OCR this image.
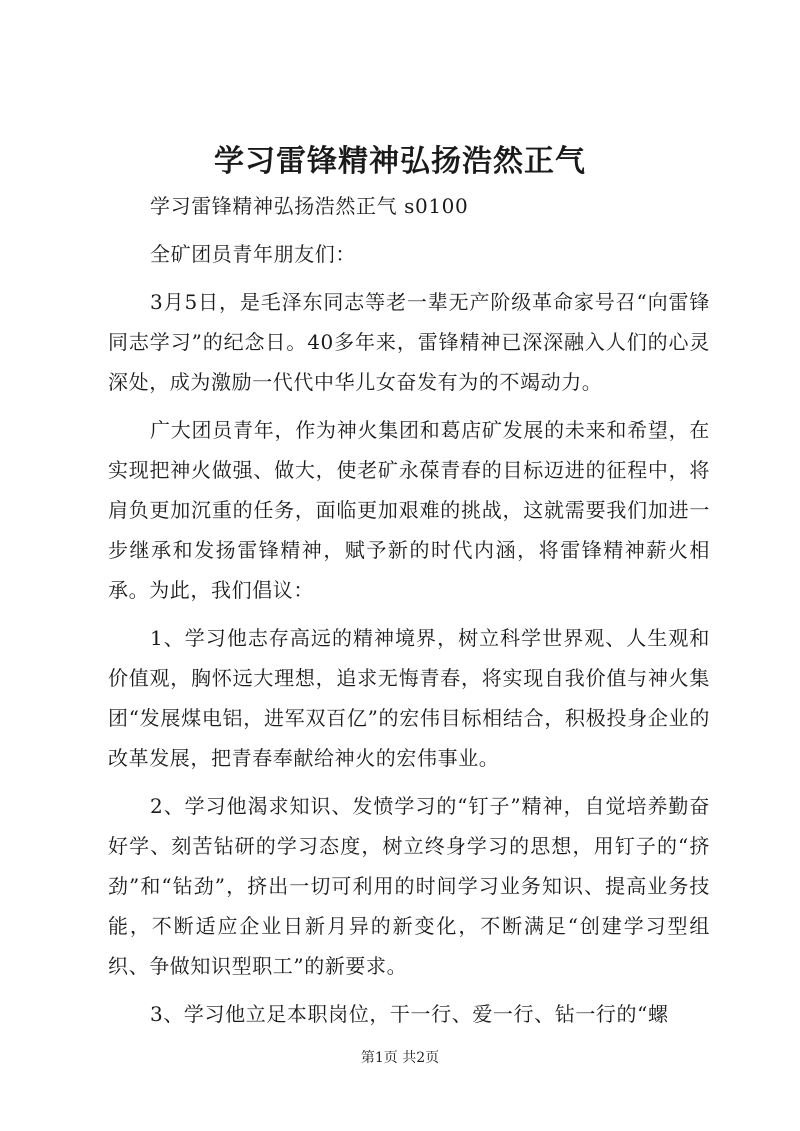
学习雷锋精神弘扬浩然正气

学习雷锋精神弘扬浩然正气 s0100

全矿团员青年朋友们：

3月5日，是毛泽东同志等老一辈无产阶级革命家号召“向雷锋同志学习”的纪念日。40多年来，雷锋精神已深深融入人们的心灵深处，成为激励一代代中华儿女奋发有为的不竭动力。

广大团员青年，作为神火集团和葛店矿发展的未来和希望，在实现把神火做强、做大，使老矿永葆青春的目标迈进的征程中，将肩负更加沉重的任务，面临更加艰难的挑战，这就需要我们加进一步继承和发扬雷锋精神，赋予新的时代内涵，将雷锋精神薪火相承。为此，我们倡议：

1、学习他志存高远的精神境界，树立科学世界观、人生观和价值观，胸怀远大理想，追求无悔青春，将实现自我价值与神火集团“发展煤电铝，进军双百亿”的宏伟目标相结合，积极投身企业的改革发展，把青春奉献给神火的宏伟事业。

2、学习他渴求知识、发愤学习的“钉子”精神，自觉培养勤奋好学、刻苦钻研的学习态度，树立终身学习的思想，用钉子的“挤劲”和“钻劲”，挤出一切可利用的时间学习业务知识、提高业务技能，不断适应企业日新月异的新变化，不断满足“创建学习型组织、争做知识型职工”的新要求。

3、学习他立足本职岗位，干一行、爱一行、钻一行的“螺

第1页 共2页
